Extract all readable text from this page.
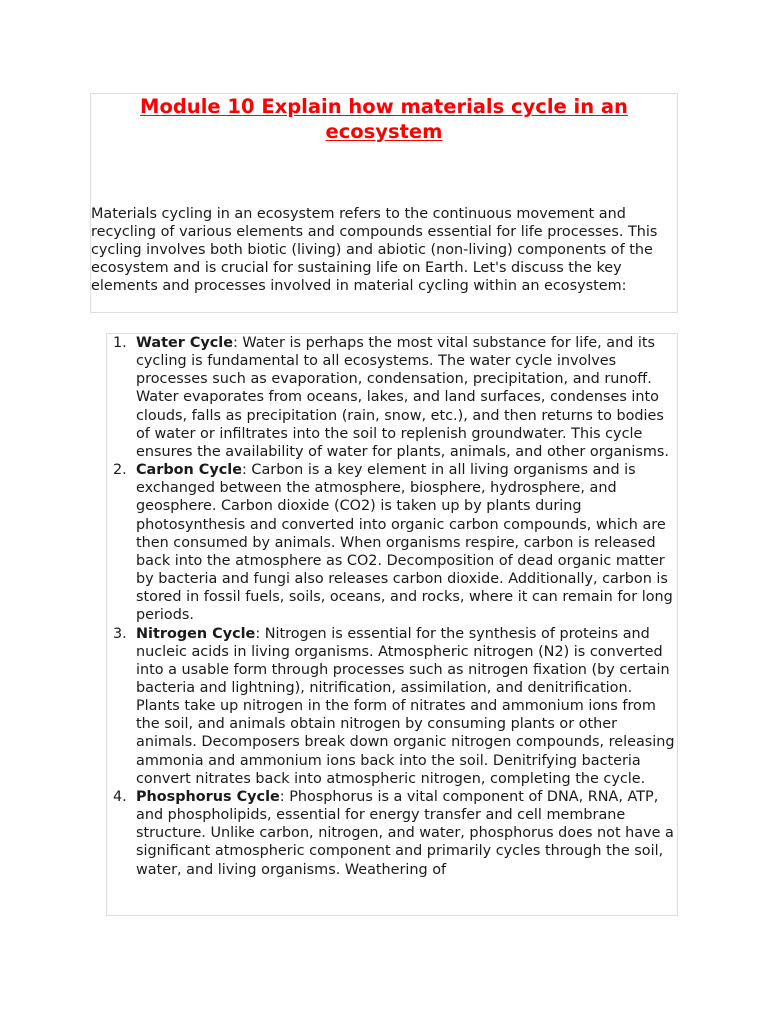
Module 10 Explain how materials cycle in an ecosystem

Materials cycling in an ecosystem refers to the continuous movement and recycling of various elements and compounds essential for life processes. This cycling involves both biotic (living) and abiotic (non-living) components of the ecosystem and is crucial for sustaining life on Earth. Let's discuss the key elements and processes involved in material cycling within an ecosystem:

1. Water Cycle: Water is perhaps the most vital substance for life, and its cycling is fundamental to all ecosystems. The water cycle involves processes such as evaporation, condensation, precipitation, and runoff. Water evaporates from oceans, lakes, and land surfaces, condenses into clouds, falls as precipitation (rain, snow, etc.), and then returns to bodies of water or infiltrates into the soil to replenish groundwater. This cycle ensures the availability of water for plants, animals, and other organisms.
2. Carbon Cycle: Carbon is a key element in all living organisms and is exchanged between the atmosphere, biosphere, hydrosphere, and geosphere. Carbon dioxide (CO2) is taken up by plants during photosynthesis and converted into organic carbon compounds, which are then consumed by animals. When organisms respire, carbon is released back into the atmosphere as CO2. Decomposition of dead organic matter by bacteria and fungi also releases carbon dioxide. Additionally, carbon is stored in fossil fuels, soils, oceans, and rocks, where it can remain for long periods.
3. Nitrogen Cycle: Nitrogen is essential for the synthesis of proteins and nucleic acids in living organisms. Atmospheric nitrogen (N2) is converted into a usable form through processes such as nitrogen fixation (by certain bacteria and lightning), nitrification, assimilation, and denitrification. Plants take up nitrogen in the form of nitrates and ammonium ions from the soil, and animals obtain nitrogen by consuming plants or other animals. Decomposers break down organic nitrogen compounds, releasing ammonia and ammonium ions back into the soil. Denitrifying bacteria convert nitrates back into atmospheric nitrogen, completing the cycle.
4. Phosphorus Cycle: Phosphorus is a vital component of DNA, RNA, ATP, and phospholipids, essential for energy transfer and cell membrane structure. Unlike carbon, nitrogen, and water, phosphorus does not have a significant atmospheric component and primarily cycles through the soil, water, and living organisms. Weathering of
